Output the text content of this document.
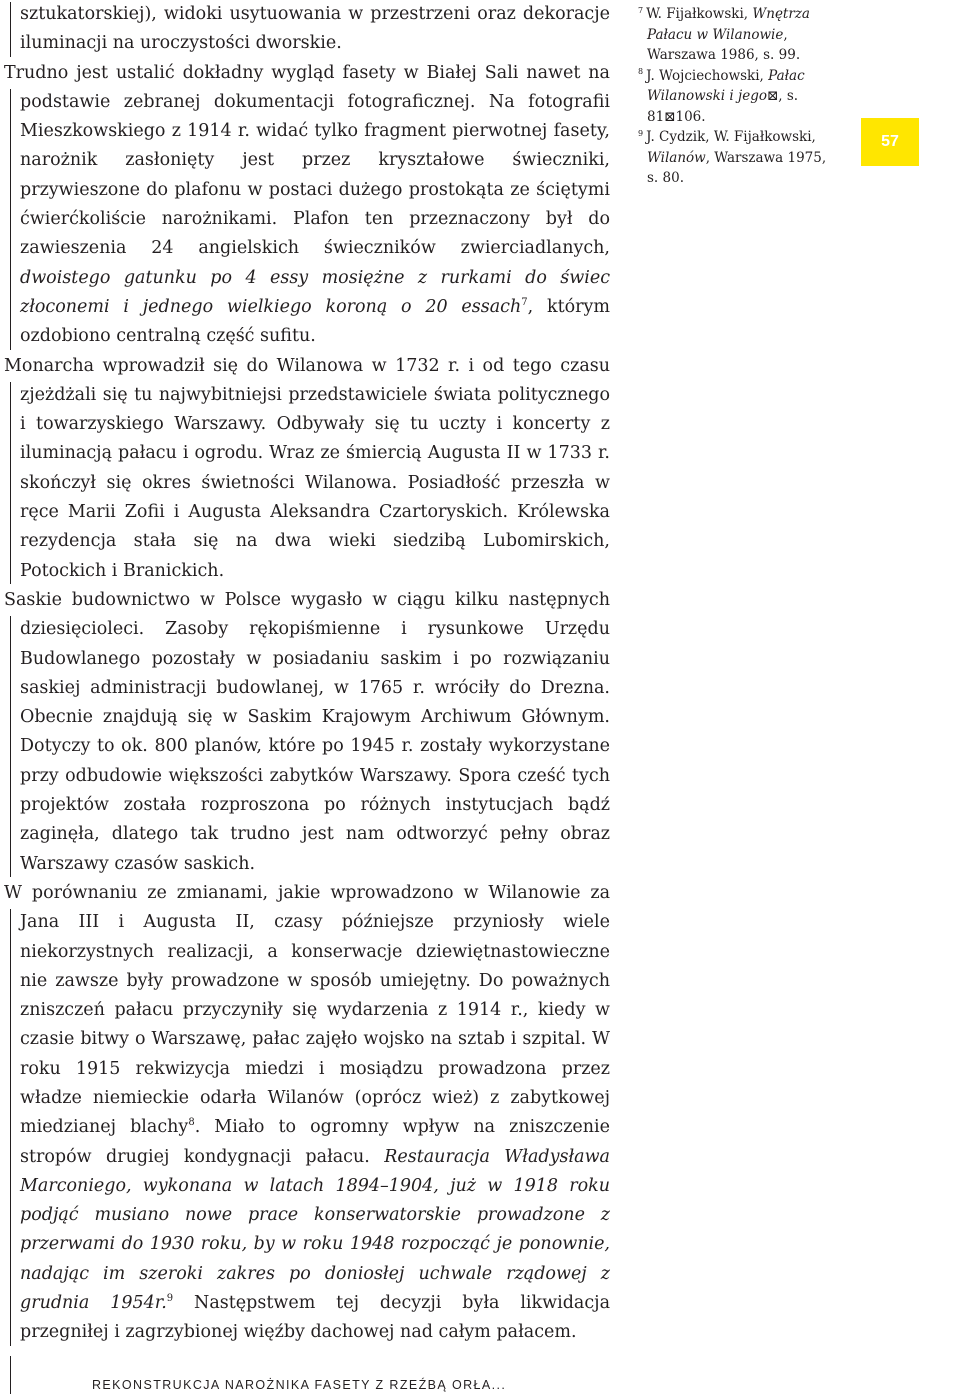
sztukatorskiej), widoki usytuowania w przestrzeni oraz dekoracje iluminacji na uroczystości dworskie.

Trudno jest ustalić dokładny wygląd fasety w Białej Sali nawet na podstawie zebranej dokumentacji fotograficznej. Na fotografii Mieszkowskiego z 1914 r. widać tylko fragment pierwotnej fasety, narożnik zasłonięty jest przez kryształowe świeczniki, przywieszone do plafonu w postaci dużego prostokąta ze ściętymi ćwierćkoliście narożnikami. Plafon ten przeznaczony był do zawieszenia 24 angielskich świeczników zwierciadlanych, dwoistego gatunku po 4 essy mosiężne z rurkami do świec złoconemi i jednego wielkiego koroną o 20 essach$^7$, którym ozdobiono centralną część sufitu.

Monarcha wprowadził się do Wilanowa w 1732 r. i od tego czasu zjeżdżali się tu najwybitniejsi przedstawiciele świata politycznego i towarzyskiego Warszawy. Odbywały się tu uczty i koncerty z iluminacją pałacu i ogrodu. Wraz ze śmiercią Augusta II w 1733 r. skończył się okres świetności Wilanowa. Posiadłość przeszła w ręce Marii Zofii i Augusta Aleksandra Czartoryskich. Królewska rezydencja stała się na dwa wieki siedzibą Lubomirskich, Potockich i Branickich.

Saskie budownictwo w Polsce wygasło w ciągu kilku następnych dziesięcioleci. Zasoby rękopiśmienne i rysunkowe Urzędu Budowlanego pozostały w posiadaniu saskim i po rozwiązaniu saskiej administracji budowlanej, w 1765 r. wróciły do Drezna. Obecnie znajdują się w Saskim Krajowym Archiwum Głównym. Dotyczy to ok. 800 planów, które po 1945 r. zostały wykorzystane przy odbudowie większości zabytków Warszawy. Spora cześć tych projektów została rozproszona po różnych instytucjach bądź zaginęła, dlatego tak trudno jest nam odtworzyć pełny obraz Warszawy czasów saskich.

W porównaniu ze zmianami, jakie wprowadzono w Wilanowie za Jana III i Augusta II, czasy późniejsze przyniosły wiele niekorzystnych realizacji, a konserwacje dziewiętnastowieczne nie zawsze były prowadzone w sposób umiejętny. Do poważnych zniszczeń pałacu przyczyniły się wydarzenia z 1914 r., kiedy w czasie bitwy o Warszawę, pałac zajęło wojsko na sztab i szpital. W roku 1915 rekwizycja miedzi i mosiądzu prowadzona przez władze niemieckie odarła Wilanów (oprócz wież) z zabytkowej miedzianej blachy$^8$. Miało to ogromny wpływ na zniszczenie stropów drugiej kondygnacji pałacu. Restauracja Władysława Marconiego, wykonana w latach 1894–1904, już w 1918 roku podjąć musiano nowe prace konserwatorskie prowadzone z przerwami do 1930 roku, by w roku 1948 rozpocząć je ponownie, nadając im szeroki zakres po doniosłej uchwale rządowej z grudnia 1954r.$^9$ Następstwem tej decyzji była likwidacja przegniłej i zagrzybionej więźby dachowej nad całym pałacem.

$^7$ W. Fijałkowski, Wnętrza Pałacu w Wilanowie, Warszawa 1986, s. 99.

$^8$ J. Wojciechowski, Pałac Wilanowski i jego⊠, s. 81⊠106.

$^9$ J. Cydzik, W. Fijałkowski, Wilanów, Warszawa 1975, s. 80.

57
REKONSTRUKCJA NAROŻNIKA FASETY Z RZEŹBĄ ORŁA...
